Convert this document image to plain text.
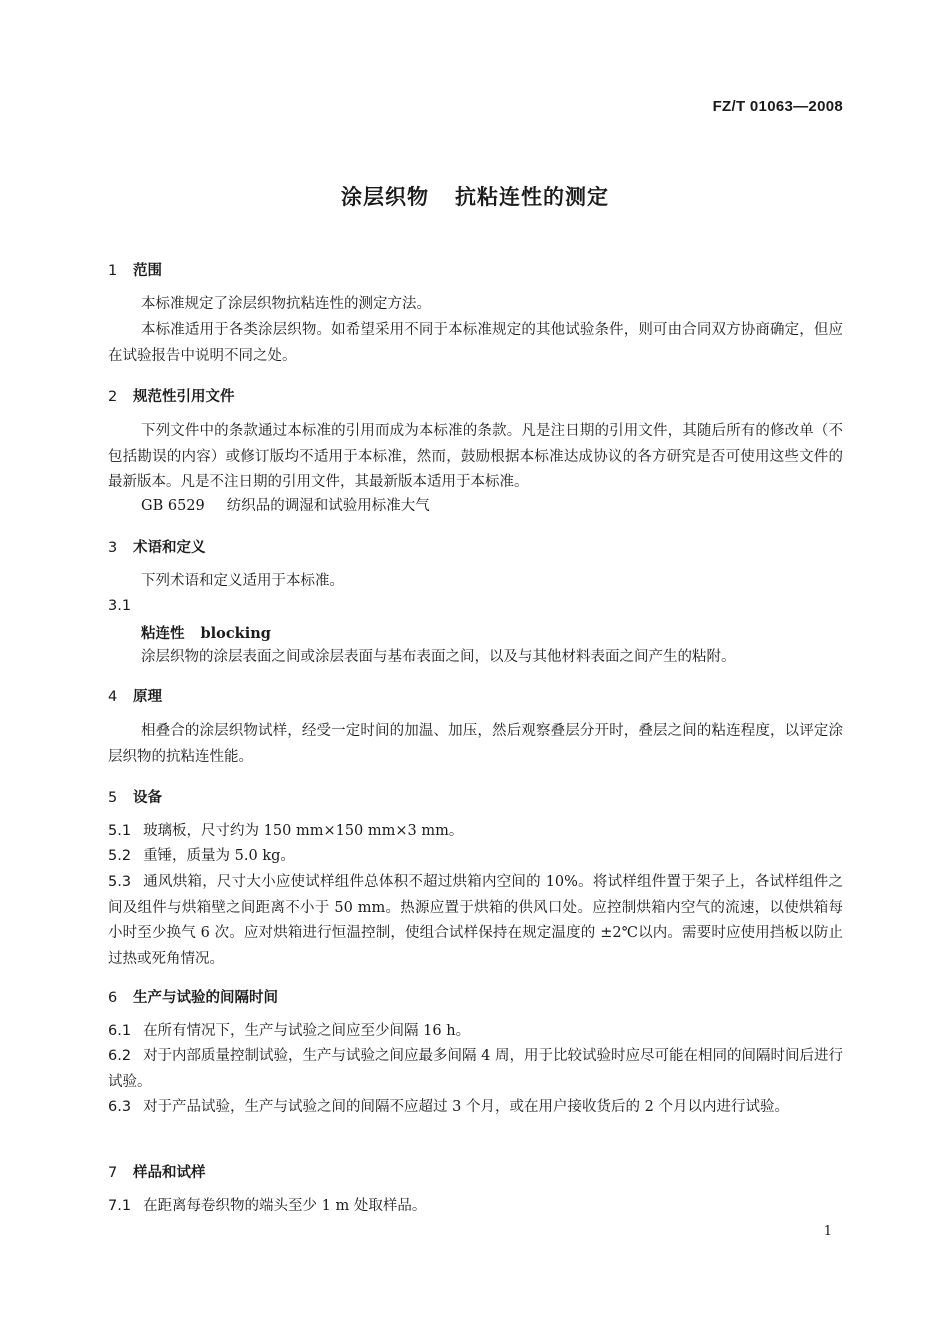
FZ/T 01063—2008
涂层织物 抗粘连性的测定
1 范围
本标准规定了涂层织物抗粘连性的测定方法。
本标准适用于各类涂层织物。如希望采用不同于本标准规定的其他试验条件，则可由合同双方协商确定，但应在试验报告中说明不同之处。
2 规范性引用文件
下列文件中的条款通过本标准的引用而成为本标准的条款。凡是注日期的引用文件，其随后所有的修改单（不包括勘误的内容）或修订版均不适用于本标准，然而，鼓励根据本标准达成协议的各方研究是否可使用这些文件的最新版本。凡是不注日期的引用文件，其最新版本适用于本标准。
GB 6529 纺织品的调湿和试验用标准大气
3 术语和定义
下列术语和定义适用于本标准。
3.1
粘连性 blocking
涂层织物的涂层表面之间或涂层表面与基布表面之间，以及与其他材料表面之间产生的粘附。
4 原理
相叠合的涂层织物试样，经受一定时间的加温、加压，然后观察叠层分开时，叠层之间的粘连程度，以评定涂层织物的抗粘连性能。
5 设备
5.1 玻璃板，尺寸约为 150 mm×150 mm×3 mm。
5.2 重锤，质量为 5.0 kg。
5.3 通风烘箱，尺寸大小应使试样组件总体积不超过烘箱内空间的 10%。将试样组件置于架子上，各试样组件之间及组件与烘箱壁之间距离不小于 50 mm。热源应置于烘箱的供风口处。应控制烘箱内空气的流速，以使烘箱每小时至少换气 6 次。应对烘箱进行恒温控制，使组合试样保持在规定温度的 ±2℃以内。需要时应使用挡板以防止过热或死角情况。
6 生产与试验的间隔时间
6.1 在所有情况下，生产与试验之间应至少间隔 16 h。
6.2 对于内部质量控制试验，生产与试验之间应最多间隔 4 周，用于比较试验时应尽可能在相同的间隔时间后进行试验。
6.3 对于产品试验，生产与试验之间的间隔不应超过 3 个月，或在用户接收货后的 2 个月以内进行试验。
7 样品和试样
7.1 在距离每卷织物的端头至少 1 m 处取样品。
1
